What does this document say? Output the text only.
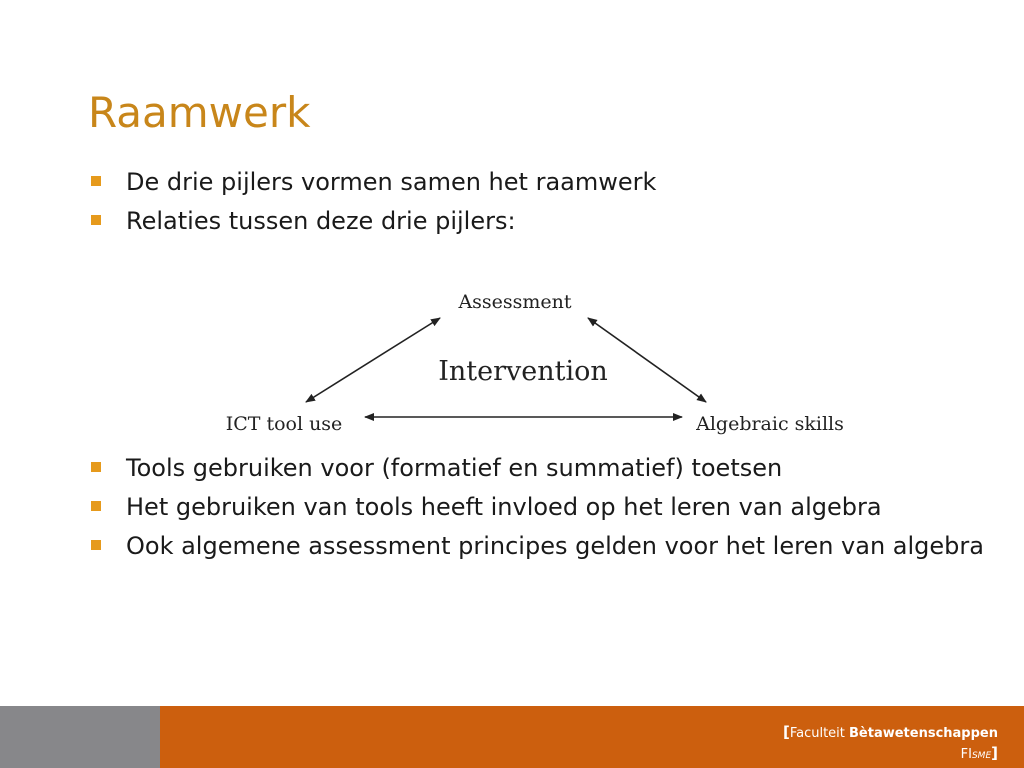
Raamwerk
De drie pijlers vormen samen het raamwerk
Relaties tussen deze drie pijlers:
Assessment
Intervention
ICT tool use	Algebraic skills
Tools gebruiken voor (formatief en summatief) toetsen
Het gebruiken van tools heeft invloed op het leren van algebra
Ook algemene assessment principes gelden voor het leren van algebra
[Faculteit Bètawetenschappen
FISME]
